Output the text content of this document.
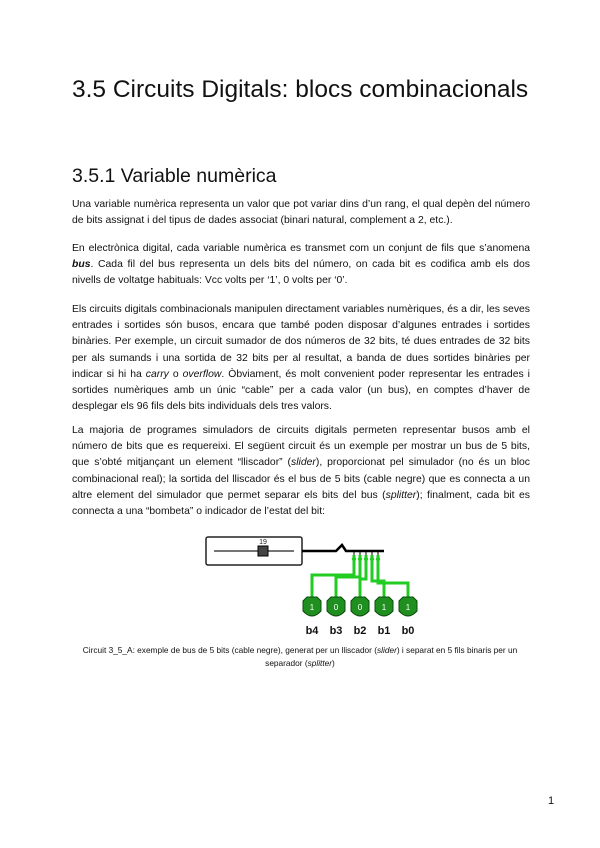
3.5 Circuits Digitals: blocs combinacionals
3.5.1 Variable numèrica

Una variable numèrica representa un valor que pot variar dins d’un rang, el qual depèn del número de bits assignat i del tipus de dades associat (binari natural, complement a 2, etc.).

En electrònica digital, cada variable numèrica es transmet com un conjunt de fils que s’anomena bus. Cada fil del bus representa un dels bits del número, on cada bit es codifica amb els dos nivells de voltatge habituals: Vcc volts per ‘1’, 0 volts per ‘0’.

Els circuits digitals combinacionals manipulen directament variables numèriques, és a dir, les seves entrades i sortides són busos, encara que també poden disposar d’algunes entrades i sortides binàries. Per exemple, un circuit sumador de dos números de 32 bits, té dues entrades de 32 bits per als sumands i una sortida de 32 bits per al resultat, a banda de dues sortides binàries per indicar si hi ha carry o overflow. Òbviament, és molt convenient poder representar les entrades i sortides numèriques amb un únic “cable” per a cada valor (un bus), en comptes d’haver de desplegar els 96 fils dels bits individuals dels tres valors.

La majoria de programes simuladors de circuits digitals permeten representar busos amb el número de bits que es requereixi. El següent circuit és un exemple per mostrar un bus de 5 bits, que s’obté mitjançant un element “lliscador” (slider), proporcionat pel simulador (no és un bloc combinacional real); la sortida del lliscador és el bus de 5 bits (cable negre) que es connecta a un altre element del simulador que permet separar els bits del bus (splitter); finalment, cada bit es connecta a una “bombeta” o indicador de l’estat del bit:

19
1
b4
0
b3
0
b2
1
b1
1
b0

Circuit 3_5_A: exemple de bus de 5 bits (cable negre), generat per un lliscador (slider) i separat en 5 fils binaris per un separador (splitter)

1
